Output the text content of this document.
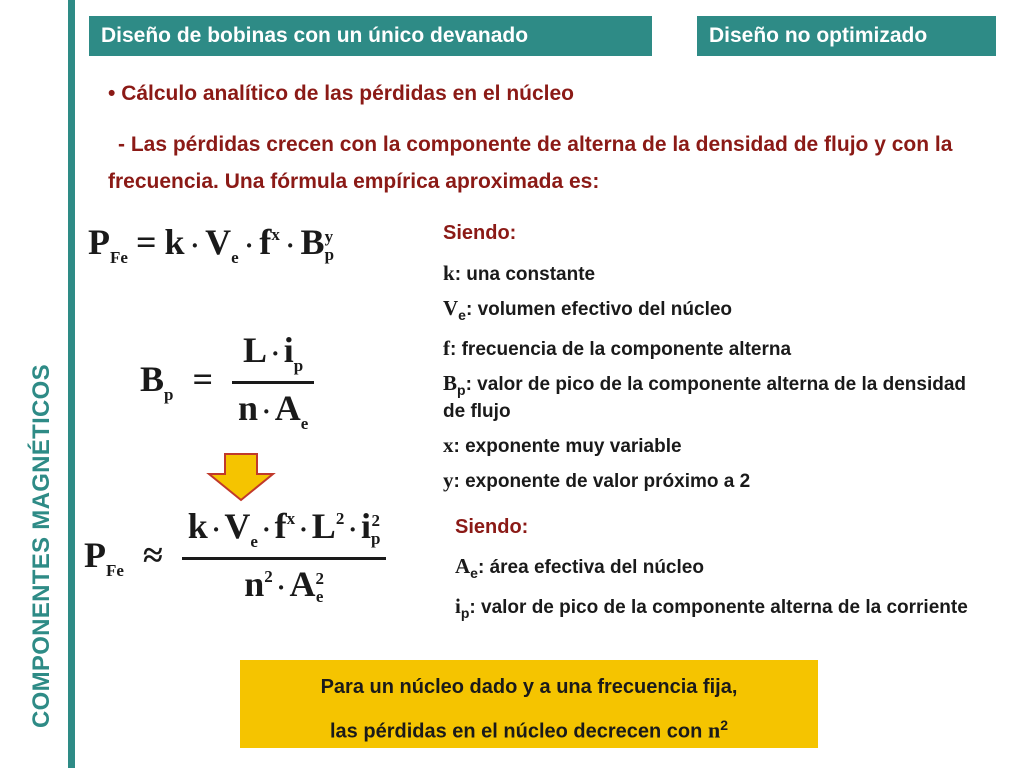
COMPONENTES MAGNÉTICOS
Diseño de bobinas con un único devanado	Diseño no optimizado
• Cálculo analítico de las pérdidas en el núcleo
- Las pérdidas crecen con la componente de alterna de la densidad de flujo y con la frecuencia. Una fórmula empírica aproximada es:
$P_{Fe} = k \cdot V_e \cdot f^x \cdot B$ y
p
$B_p = \frac{L \cdot i_p}{n \cdot A_e}$
$P_{Fe} \approx k \cdot V_e \cdot f^x \cdot L^2 \cdot i$ 2
p
$n^2 \cdot A$ 2
e
Siendo:
k: una constante
$V_e$: volumen efectivo del núcleo
f: frecuencia de la componente alterna
$B_p$: valor de pico de la componente alterna de la densidad de flujo
x: exponente muy variable
y: exponente de valor próximo a 2
Siendo:
$A_e$: área efectiva del núcleo
$i_p$: valor de pico de la componente alterna de la corriente
Para un núcleo dado y a una frecuencia fija,
las pérdidas en el núcleo decrecen con $n^2$
